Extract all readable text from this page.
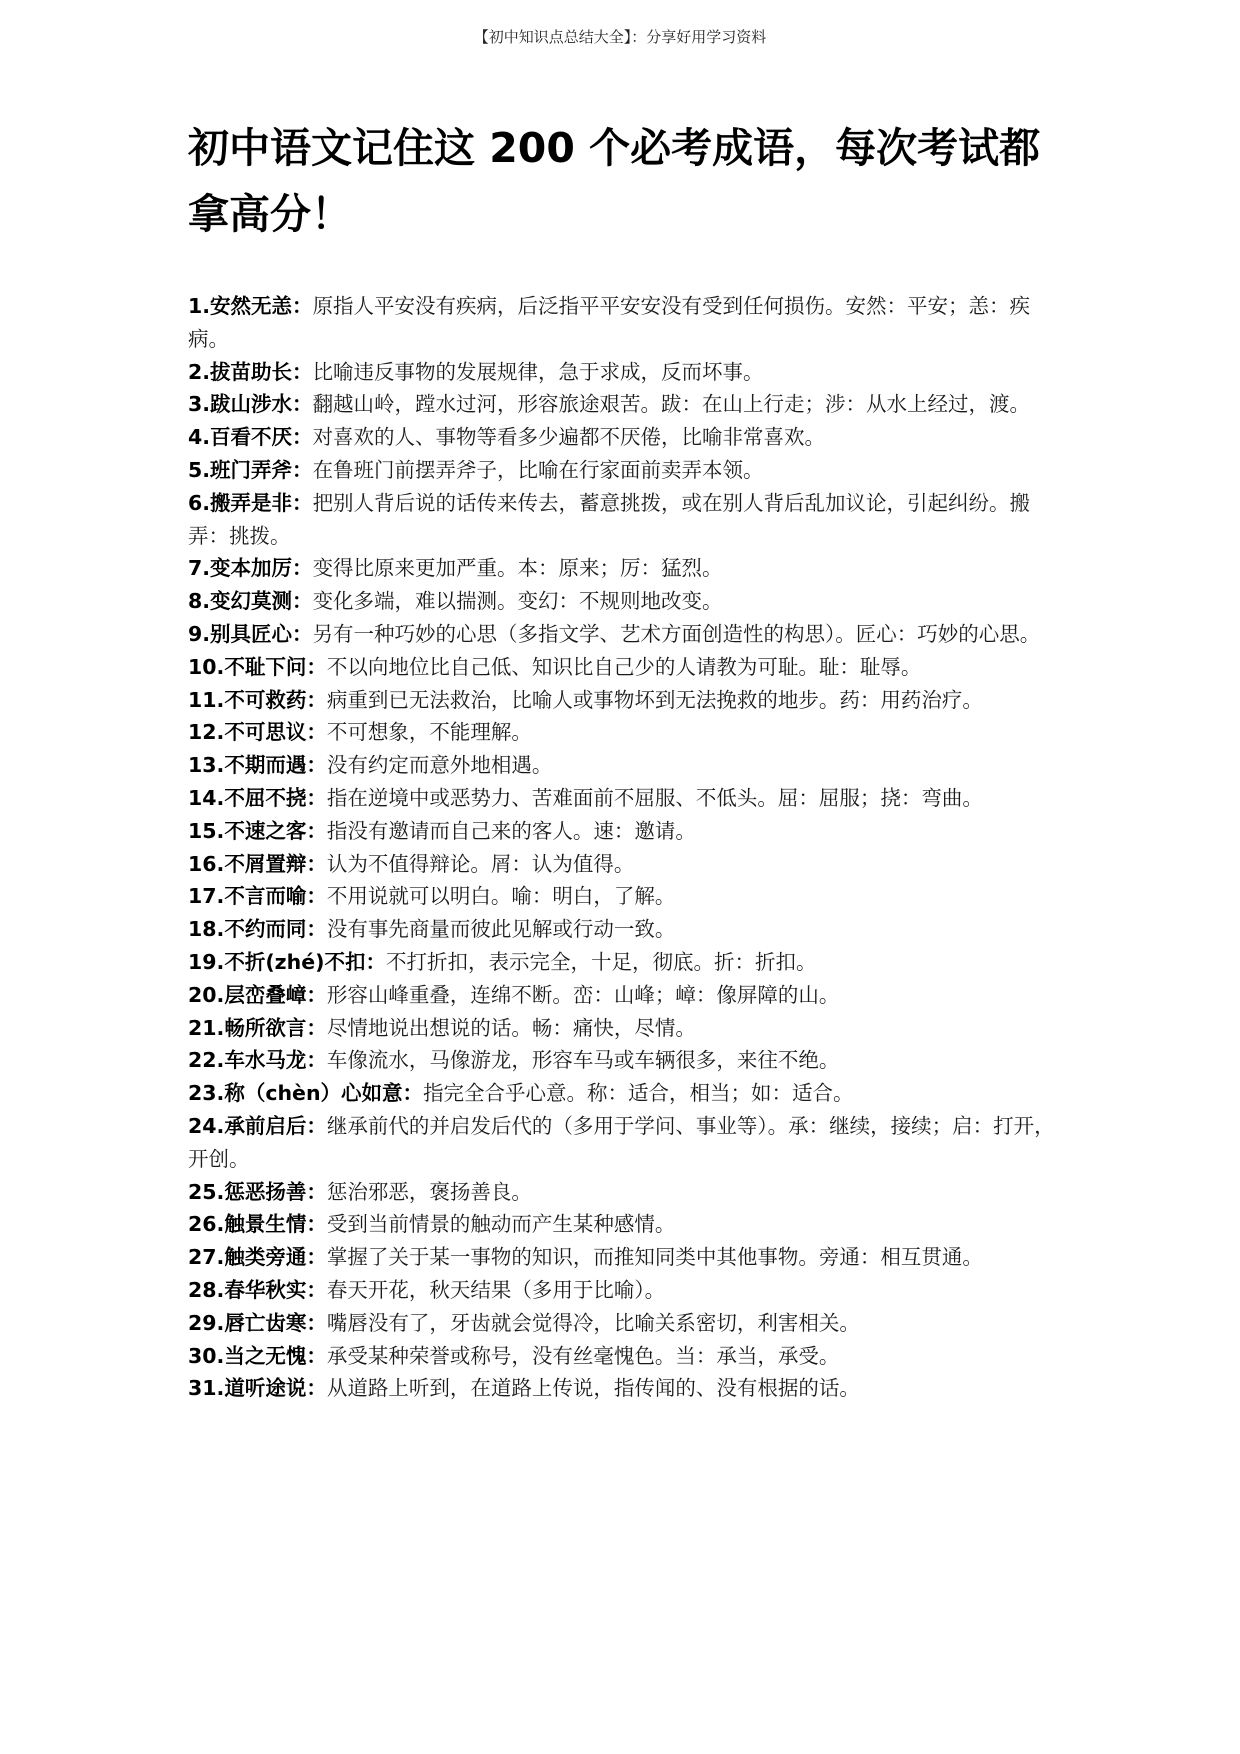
【初中知识点总结大全】：分享好用学习资料
初中语文记住这 200 个必考成语，每次考试都拿高分！
1.安然无恙：原指人平安没有疾病，后泛指平平安安没有受到任何损伤。安然：平安；恙：疾病。
2.拔苗助长：比喻违反事物的发展规律，急于求成，反而坏事。
3.跋山涉水：翻越山岭，蹚水过河，形容旅途艰苦。跋：在山上行走；涉：从水上经过，渡。
4.百看不厌：对喜欢的人、事物等看多少遍都不厌倦，比喻非常喜欢。
5.班门弄斧：在鲁班门前摆弄斧子，比喻在行家面前卖弄本领。
6.搬弄是非：把别人背后说的话传来传去，蓄意挑拨，或在别人背后乱加议论，引起纠纷。搬弄：挑拨。
7.变本加厉：变得比原来更加严重。本：原来；厉：猛烈。
8.变幻莫测：变化多端，难以揣测。变幻：不规则地改变。
9.别具匠心：另有一种巧妙的心思（多指文学、艺术方面创造性的构思）。匠心：巧妙的心思。
10.不耻下问：不以向地位比自己低、知识比自己少的人请教为可耻。耻：耻辱。
11.不可救药：病重到已无法救治，比喻人或事物坏到无法挽救的地步。药：用药治疗。
12.不可思议：不可想象，不能理解。
13.不期而遇：没有约定而意外地相遇。
14.不屈不挠：指在逆境中或恶势力、苦难面前不屈服、不低头。屈：屈服；挠：弯曲。
15.不速之客：指没有邀请而自己来的客人。速：邀请。
16.不屑置辩：认为不值得辩论。屑：认为值得。
17.不言而喻：不用说就可以明白。喻：明白，了解。
18.不约而同：没有事先商量而彼此见解或行动一致。
19.不折(zhé)不扣：不打折扣，表示完全，十足，彻底。折：折扣。
20.层峦叠嶂：形容山峰重叠，连绵不断。峦：山峰；嶂：像屏障的山。
21.畅所欲言：尽情地说出想说的话。畅：痛快，尽情。
22.车水马龙：车像流水，马像游龙，形容车马或车辆很多，来往不绝。
23.称（chèn）心如意：指完全合乎心意。称：适合，相当；如：适合。
24.承前启后：继承前代的并启发后代的（多用于学问、事业等）。承：继续，接续；启：打开，开创。
25.惩恶扬善：惩治邪恶，褒扬善良。
26.触景生情：受到当前情景的触动而产生某种感情。
27.触类旁通：掌握了关于某一事物的知识，而推知同类中其他事物。旁通：相互贯通。
28.春华秋实：春天开花，秋天结果（多用于比喻）。
29.唇亡齿寒：嘴唇没有了，牙齿就会觉得冷，比喻关系密切，利害相关。
30.当之无愧：承受某种荣誉或称号，没有丝毫愧色。当：承当，承受。
31.道听途说：从道路上听到，在道路上传说，指传闻的、没有根据的话。
